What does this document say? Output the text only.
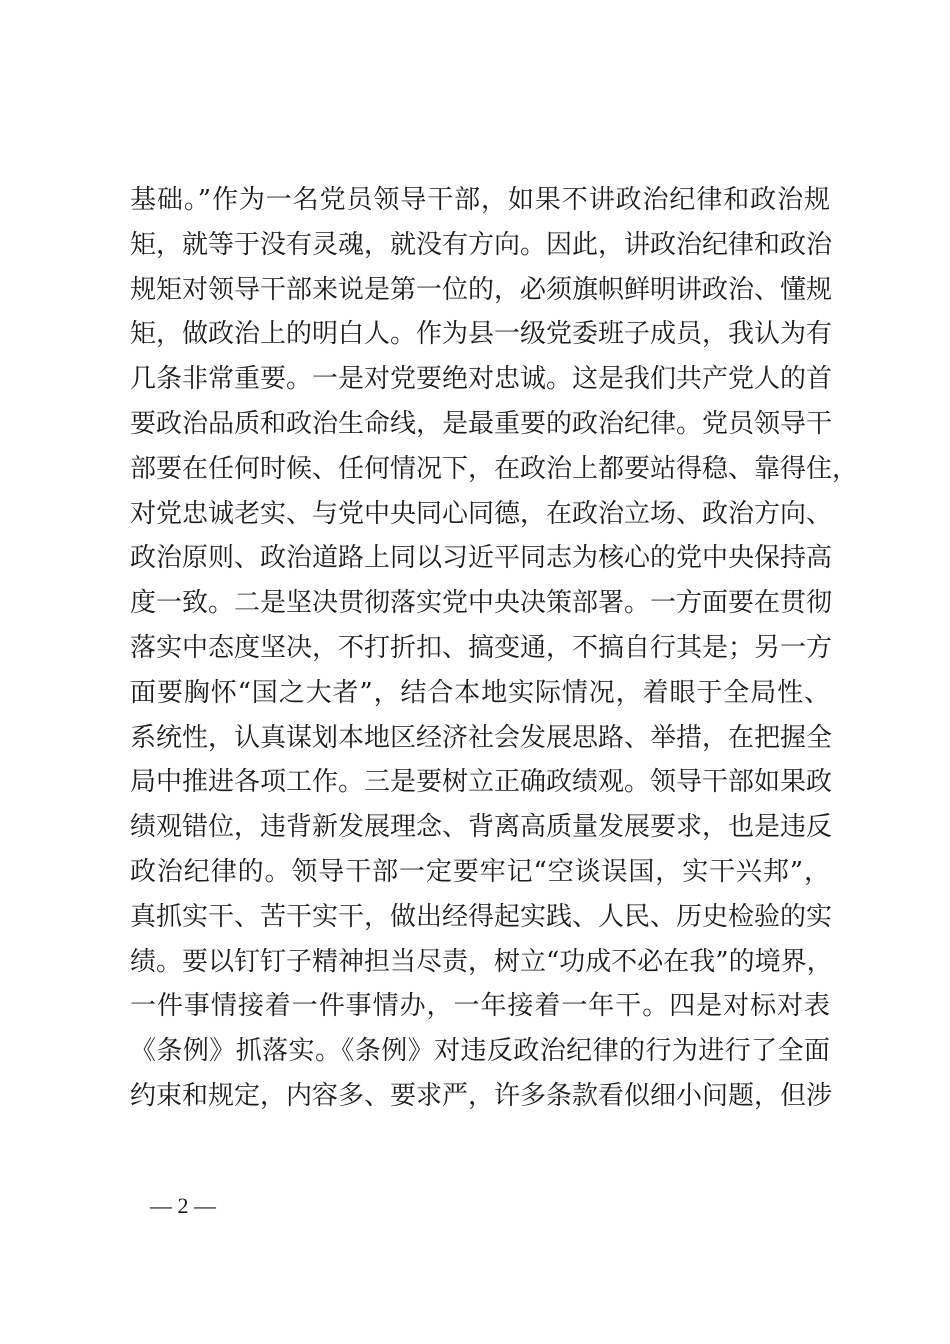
基础。”作为一名党员领导干部，如果不讲政治纪律和政治规
矩，就等于没有灵魂，就没有方向。因此，讲政治纪律和政治
规矩对领导干部来说是第一位的，必须旗帜鲜明讲政治、懂规
矩，做政治上的明白人。作为县一级党委班子成员，我认为有
几条非常重要。一是对党要绝对忠诚。这是我们共产党人的首
要政治品质和政治生命线，是最重要的政治纪律。党员领导干
部要在任何时候、任何情况下，在政治上都要站得稳、靠得住，
对党忠诚老实、与党中央同心同德，在政治立场、政治方向、
政治原则、政治道路上同以习近平同志为核心的党中央保持高
度一致。二是坚决贯彻落实党中央决策部署。一方面要在贯彻
落实中态度坚决，不打折扣、搞变通，不搞自行其是；另一方
面要胸怀“国之大者”，结合本地实际情况，着眼于全局性、
系统性，认真谋划本地区经济社会发展思路、举措，在把握全
局中推进各项工作。三是要树立正确政绩观。领导干部如果政
绩观错位，违背新发展理念、背离高质量发展要求，也是违反
政治纪律的。领导干部一定要牢记“空谈误国，实干兴邦”，
真抓实干、苦干实干，做出经得起实践、人民、历史检验的实
绩。要以钉钉子精神担当尽责，树立“功成不必在我”的境界，
一件事情接着一件事情办，一年接着一年干。四是对标对表
《条例》抓落实。《条例》对违反政治纪律的行为进行了全面
约束和规定，内容多、要求严，许多条款看似细小问题，但涉
— 2 —
